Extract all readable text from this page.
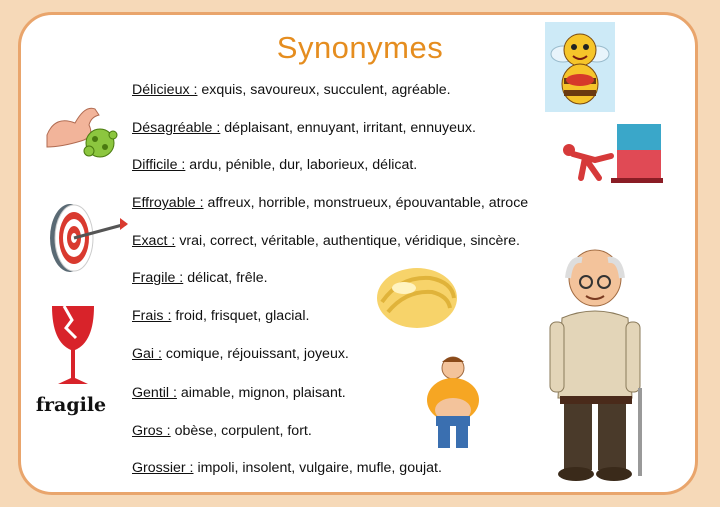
Synonymes
Délicieux : exquis, savoureux, succulent, agréable.
Désagréable : déplaisant, ennuyant, irritant, ennuyeux.
Difficile : ardu, pénible, dur, laborieux, délicat.
Effroyable : affreux, horrible, monstrueux, épouvantable, atroce
Exact : vrai, correct, véritable, authentique, véridique, sincère.
Fragile : délicat, frêle.
Frais : froid, frisquet, glacial.
Gai : comique, réjouissant, joyeux.
Gentil : aimable, mignon, plaisant.
Gros : obèse, corpulent, fort.
Grossier : impoli, insolent, vulgaire, mufle, goujat.
fragile
